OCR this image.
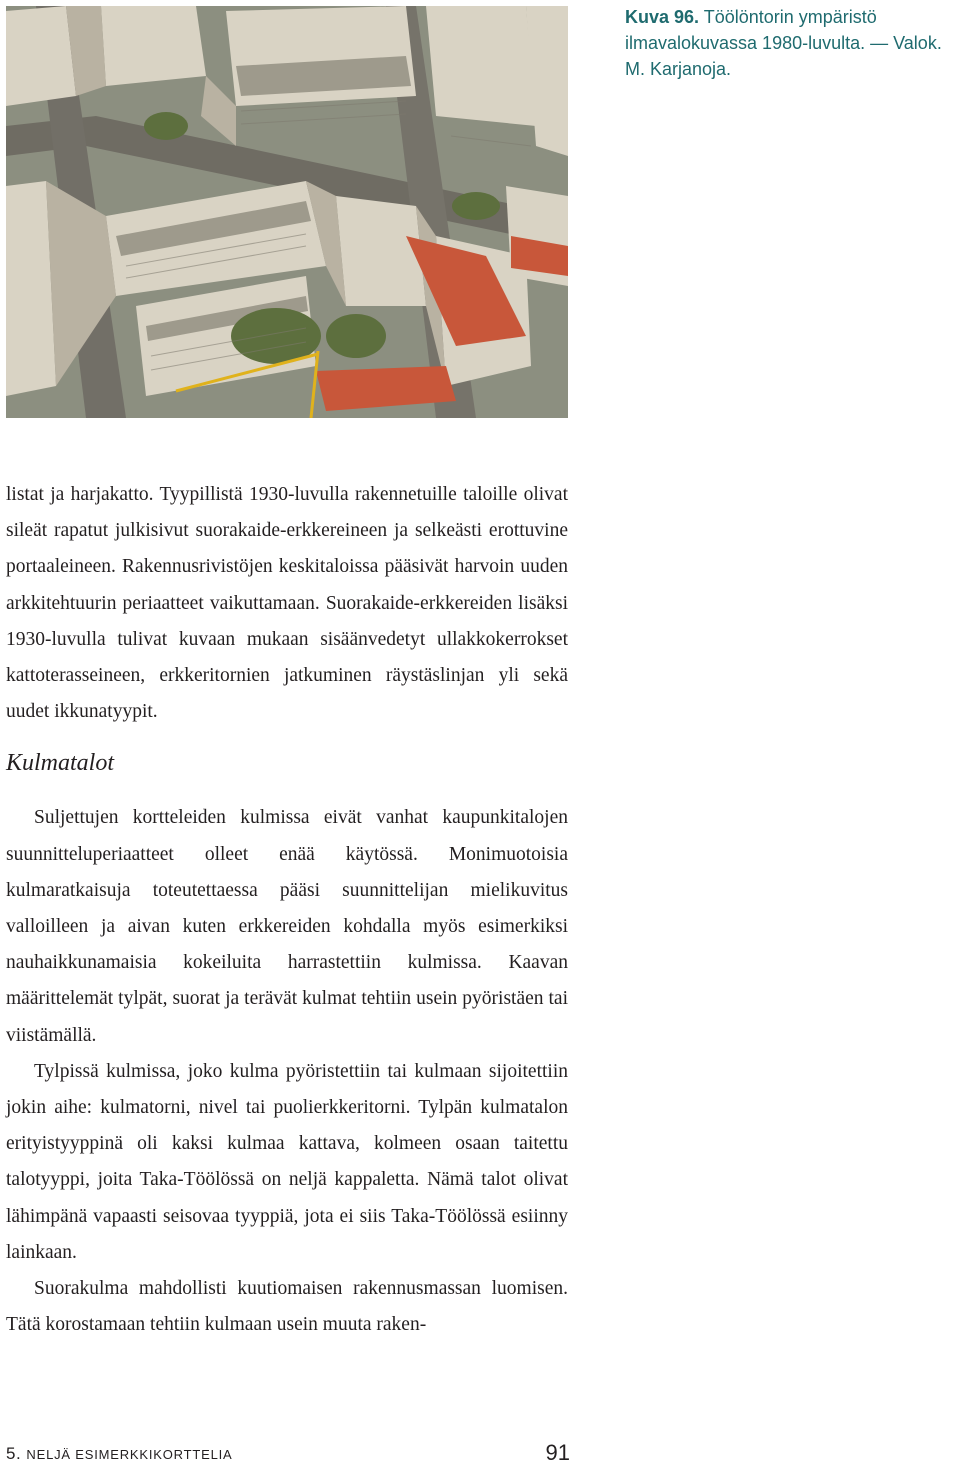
Kuva 96. Töölöntorin ympäristö ilmavalokuvassa 1980-luvulta. — Valok. M. Karjanoja.

listat ja harjakatto. Tyypillistä 1930-luvulla rakennetuille taloille olivat sileät rapatut julkisivut suorakaide-erkkereineen ja selkeästi erottuvine portaaleineen. Rakennusrivistöjen keskitaloissa pääsivät harvoin uuden arkkitehtuurin periaatteet vaikuttamaan. Suorakaide-erkkereiden lisäksi 1930-luvulla tulivat kuvaan mukaan sisäänvedetyt ullakkokerrokset kattoterasseineen, erkkeritornien jatkuminen räystäslinjan yli sekä uudet ikkunatyypit.

Kulmatalot

Suljettujen kortteleiden kulmissa eivät vanhat kaupunkitalojen suunnitteluperiaatteet olleet enää käytössä. Monimuotoisia kulmaratkaisuja toteutettaessa pääsi suunnittelijan mielikuvitus valloilleen ja aivan kuten erkkereiden kohdalla myös esimerkiksi nauhaikkunamaisia kokeiluita harrastettiin kulmissa. Kaavan määrittelemät tylpät, suorat ja terävät kulmat tehtiin usein pyöristäen tai viistämällä.

Tylpissä kulmissa, joko kulma pyöristettiin tai kulmaan sijoitettiin jokin aihe: kulmatorni, nivel tai puolierkkeritorni. Tylpän kulmatalon erityistyyppinä oli kaksi kulmaa kattava, kolmeen osaan taitettu talotyyppi, joita Taka-Töölössä on neljä kappaletta. Nämä talot olivat lähimpänä vapaasti seisovaa tyyppiä, jota ei siis Taka-Töölössä esiinny lainkaan.

Suorakulma mahdollisti kuutiomaisen rakennusmassan luomisen. Tätä korostamaan tehtiin kulmaan usein muuta raken-

5. NELJÄ ESIMERKKIKORTTELIA	91
